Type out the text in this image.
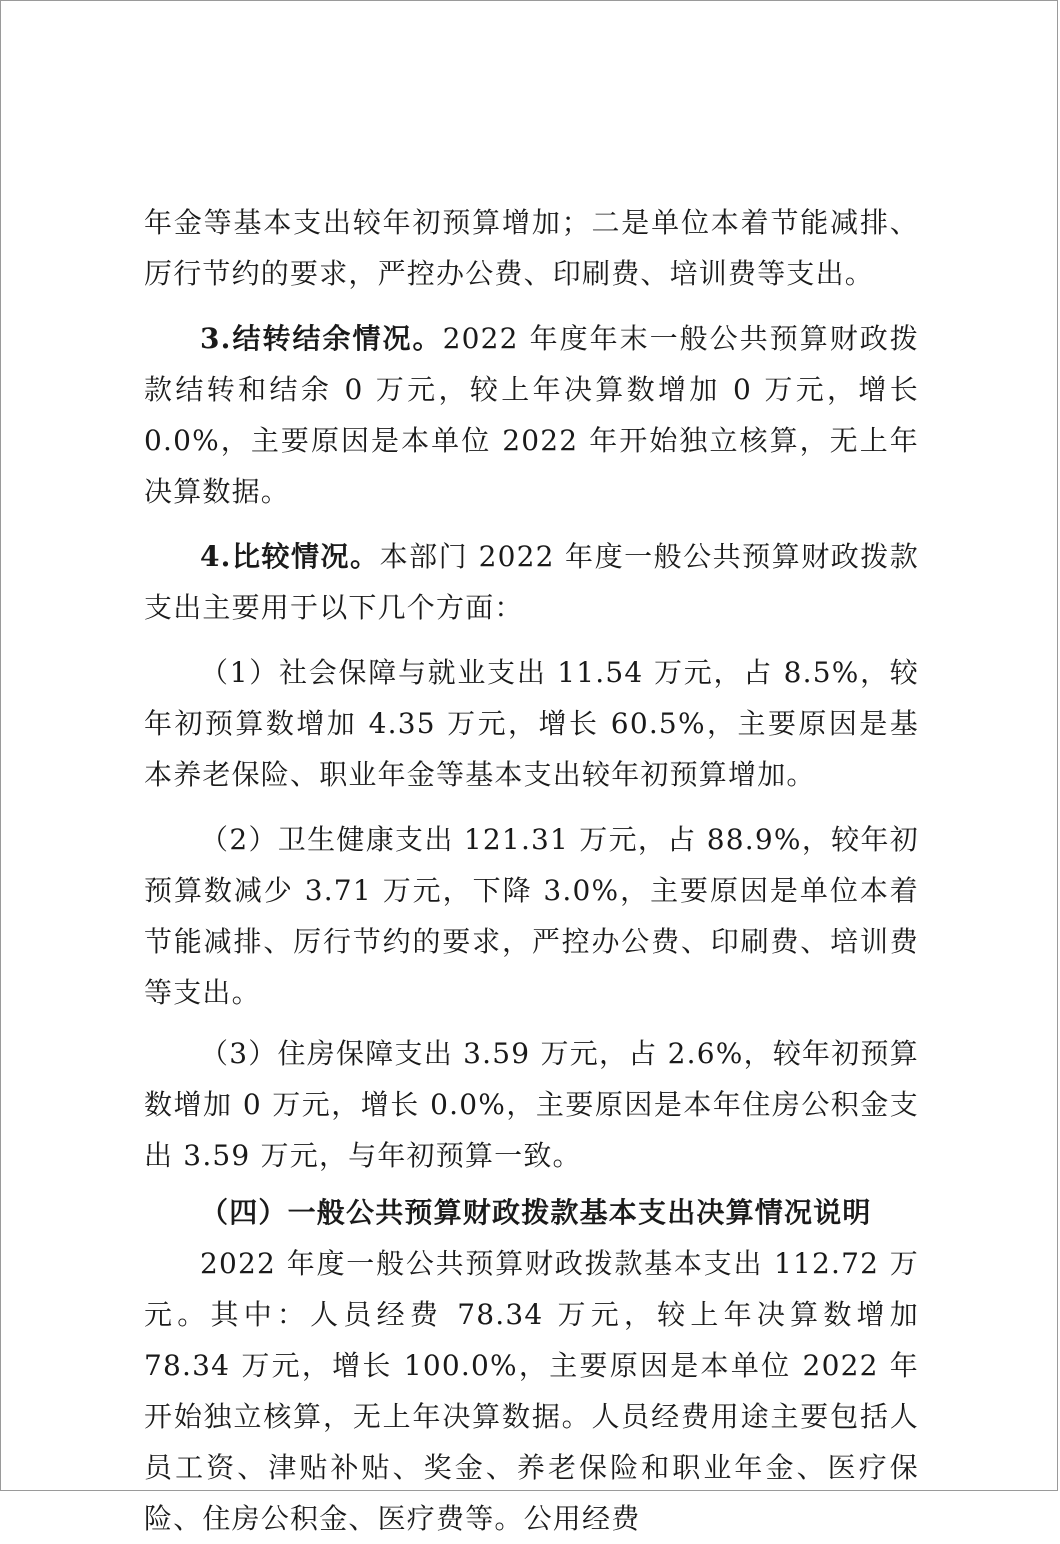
年金等基本支出较年初预算增加；二是单位本着节能减排、厉行节约的要求，严控办公费、印刷费、培训费等支出。

3.结转结余情况。2022 年度年末一般公共预算财政拨款结转和结余 0 万元，较上年决算数增加 0 万元，增长 0.0%，主要原因是本单位 2022 年开始独立核算，无上年决算数据。

4.比较情况。本部门 2022 年度一般公共预算财政拨款支出主要用于以下几个方面：

（1）社会保障与就业支出 11.54 万元，占 8.5%，较年初预算数增加 4.35 万元，增长 60.5%，主要原因是基本养老保险、职业年金等基本支出较年初预算增加。

（2）卫生健康支出 121.31 万元，占 88.9%，较年初预算数减少 3.71 万元，下降 3.0%，主要原因是单位本着节能减排、厉行节约的要求，严控办公费、印刷费、培训费等支出。

（3）住房保障支出 3.59 万元，占 2.6%，较年初预算数增加 0 万元，增长 0.0%，主要原因是本年住房公积金支出 3.59 万元，与年初预算一致。

（四）一般公共预算财政拨款基本支出决算情况说明

2022 年度一般公共预算财政拨款基本支出 112.72 万元。其中：人员经费 78.34 万元，较上年决算数增加 78.34 万元，增长 100.0%，主要原因是本单位 2022 年开始独立核算，无上年决算数据。人员经费用途主要包括人员工资、津贴补贴、奖金、养老保险和职业年金、医疗保险、住房公积金、医疗费等。公用经费
